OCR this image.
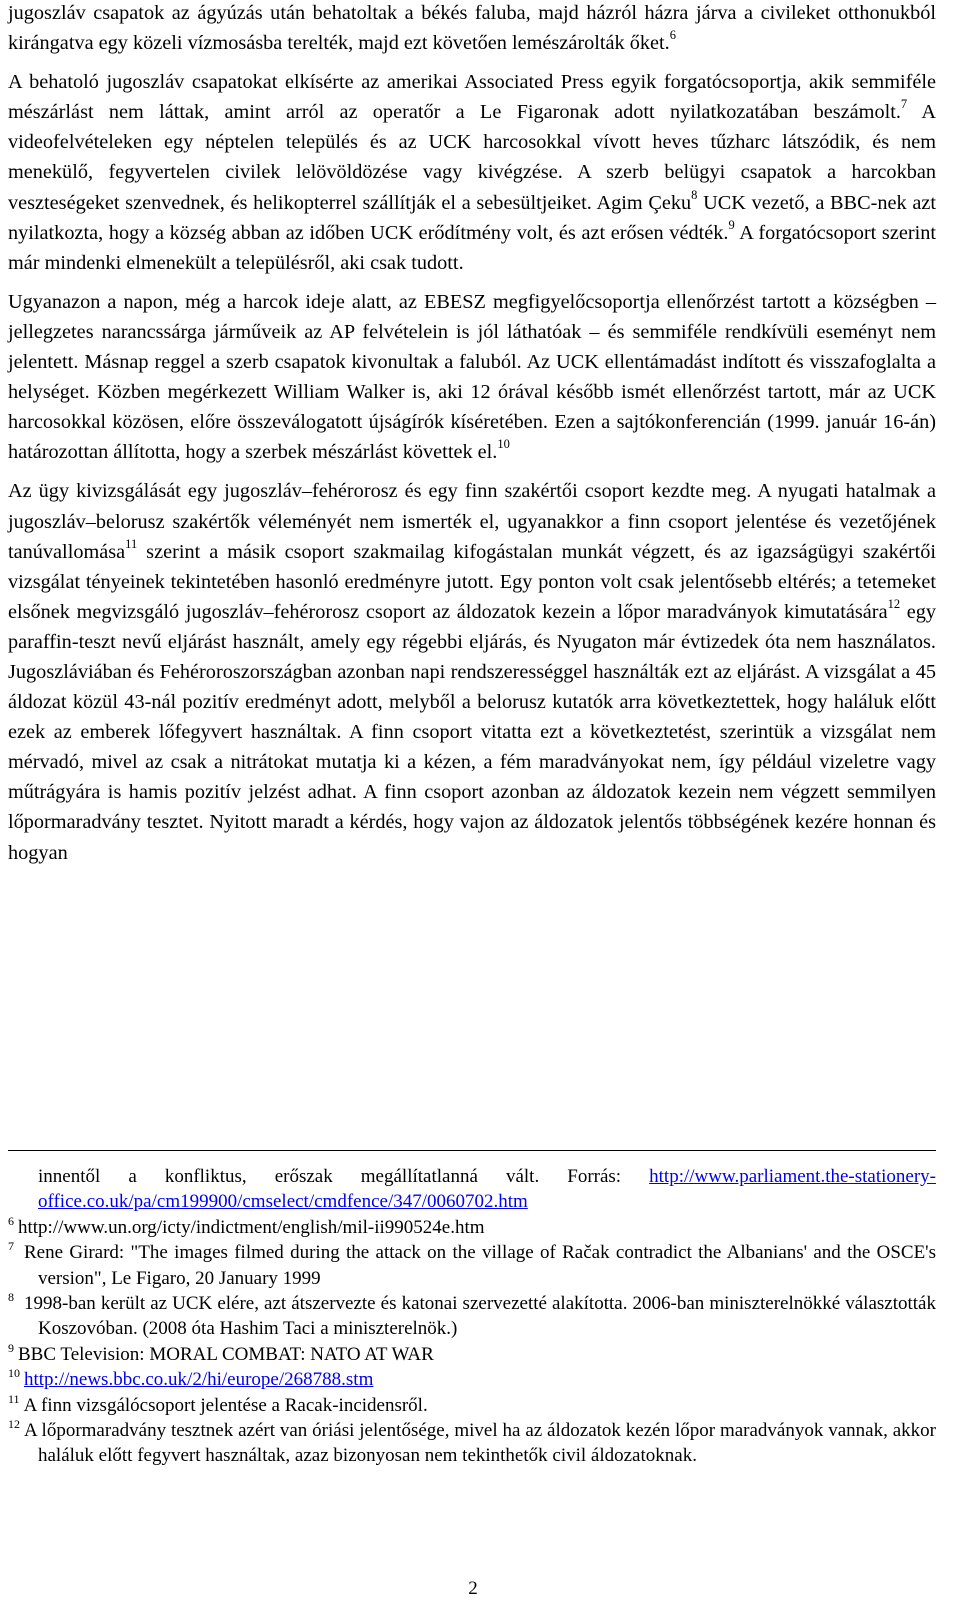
jugoszláv csapatok az ágyúzás után behatoltak a békés faluba, majd házról házra járva a civileket otthonukból kirángatva egy közeli vízmosásba terelték, majd ezt követően lemészárolták őket.$^6$

A behatoló jugoszláv csapatokat elkísérte az amerikai Associated Press egyik forgatócsoportja, akik semmiféle mészárlást nem láttak, amint arról az operatőr a Le Figaronak adott nyilatkozatában beszámolt.$^7$ A videofelvételeken egy néptelen település és az UCK harcosokkal vívott heves tűzharc látszódik, és nem menekülő, fegyvertelen civilek lelövöldözése vagy kivégzése. A szerb belügyi csapatok a harcokban veszteségeket szenvednek, és helikopterrel szállítják el a sebesültjeiket. Agim Çeku$^8$ UCK vezető, a BBC-nek azt nyilatkozta, hogy a község abban az időben UCK erődítmény volt, és azt erősen védték.$^9$ A forgatócsoport szerint már mindenki elmenekült a településről, aki csak tudott.

Ugyanazon a napon, még a harcok ideje alatt, az EBESZ megfigyelőcsoportja ellenőrzést tartott a községben – jellegzetes narancssárga járműveik az AP felvételein is jól láthatóak – és semmiféle rendkívüli eseményt nem jelentett. Másnap reggel a szerb csapatok kivonultak a faluból. Az UCK ellentámadást indított és visszafoglalta a helységet. Közben megérkezett William Walker is, aki 12 órával később ismét ellenőrzést tartott, már az UCK harcosokkal közösen, előre összeválogatott újságírók kíséretében. Ezen a sajtókonferencián (1999. január 16-án) határozottan állította, hogy a szerbek mészárlást követtek el.$^{10}$

Az ügy kivizsgálását egy jugoszláv–fehérorosz és egy finn szakértői csoport kezdte meg. A nyugati hatalmak a jugoszláv–belorusz szakértők véleményét nem ismerték el, ugyanakkor a finn csoport jelentése és vezetőjének tanúvallomása$^{11}$ szerint a másik csoport szakmailag kifogástalan munkát végzett, és az igazságügyi szakértői vizsgálat tényeinek tekintetében hasonló eredményre jutott. Egy ponton volt csak jelentősebb eltérés; a tetemeket elsőnek megvizsgáló jugoszláv–fehérorosz csoport az áldozatok kezein a lőpor maradványok kimutatására$^{12}$ egy paraffin-teszt nevű eljárást használt, amely egy régebbi eljárás, és Nyugaton már évtizedek óta nem használatos. Jugoszláviában és Fehéroroszországban azonban napi rendszerességgel használták ezt az eljárást. A vizsgálat a 45 áldozat közül 43-nál pozitív eredményt adott, melyből a belorusz kutatók arra következtettek, hogy haláluk előtt ezek az emberek lőfegyvert használtak. A finn csoport vitatta ezt a következtetést, szerintük a vizsgálat nem mérvadó, mivel az csak a nitrátokat mutatja ki a kézen, a fém maradványokat nem, így például vizeletre vagy műtrágyára is hamis pozitív jelzést adhat. A finn csoport azonban az áldozatok kezein nem végzett semmilyen lőpormaradvány tesztet. Nyitott maradt a kérdés, hogy vajon az áldozatok jelentős többségének kezére honnan és hogyan

innentől a konfliktus, erőszak megállítatlanná vált. Forrás: http://www.parliament.the-stationery-office.co.uk/pa/cm199900/cmselect/cmdfence/347/0060702.htm

6 http://www.un.org/icty/indictment/english/mil-ii990524e.htm

7 Rene Girard: "The images filmed during the attack on the village of Račak contradict the Albanians' and the OSCE's version", Le Figaro, 20 January 1999

8 1998-ban került az UCK elére, azt átszervezte és katonai szervezetté alakította. 2006-ban miniszterelnökké választották Koszovóban. (2008 óta Hashim Taci a miniszterelnök.)

9 BBC Television: MORAL COMBAT: NATO AT WAR

10 http://news.bbc.co.uk/2/hi/europe/268788.stm

11 A finn vizsgálócsoport jelentése a Racak-incidensről.

12 A lőpormaradvány tesztnek azért van óriási jelentősége, mivel ha az áldozatok kezén lőpor maradványok vannak, akkor haláluk előtt fegyvert használtak, azaz bizonyosan nem tekinthetők civil áldozatoknak.

2
